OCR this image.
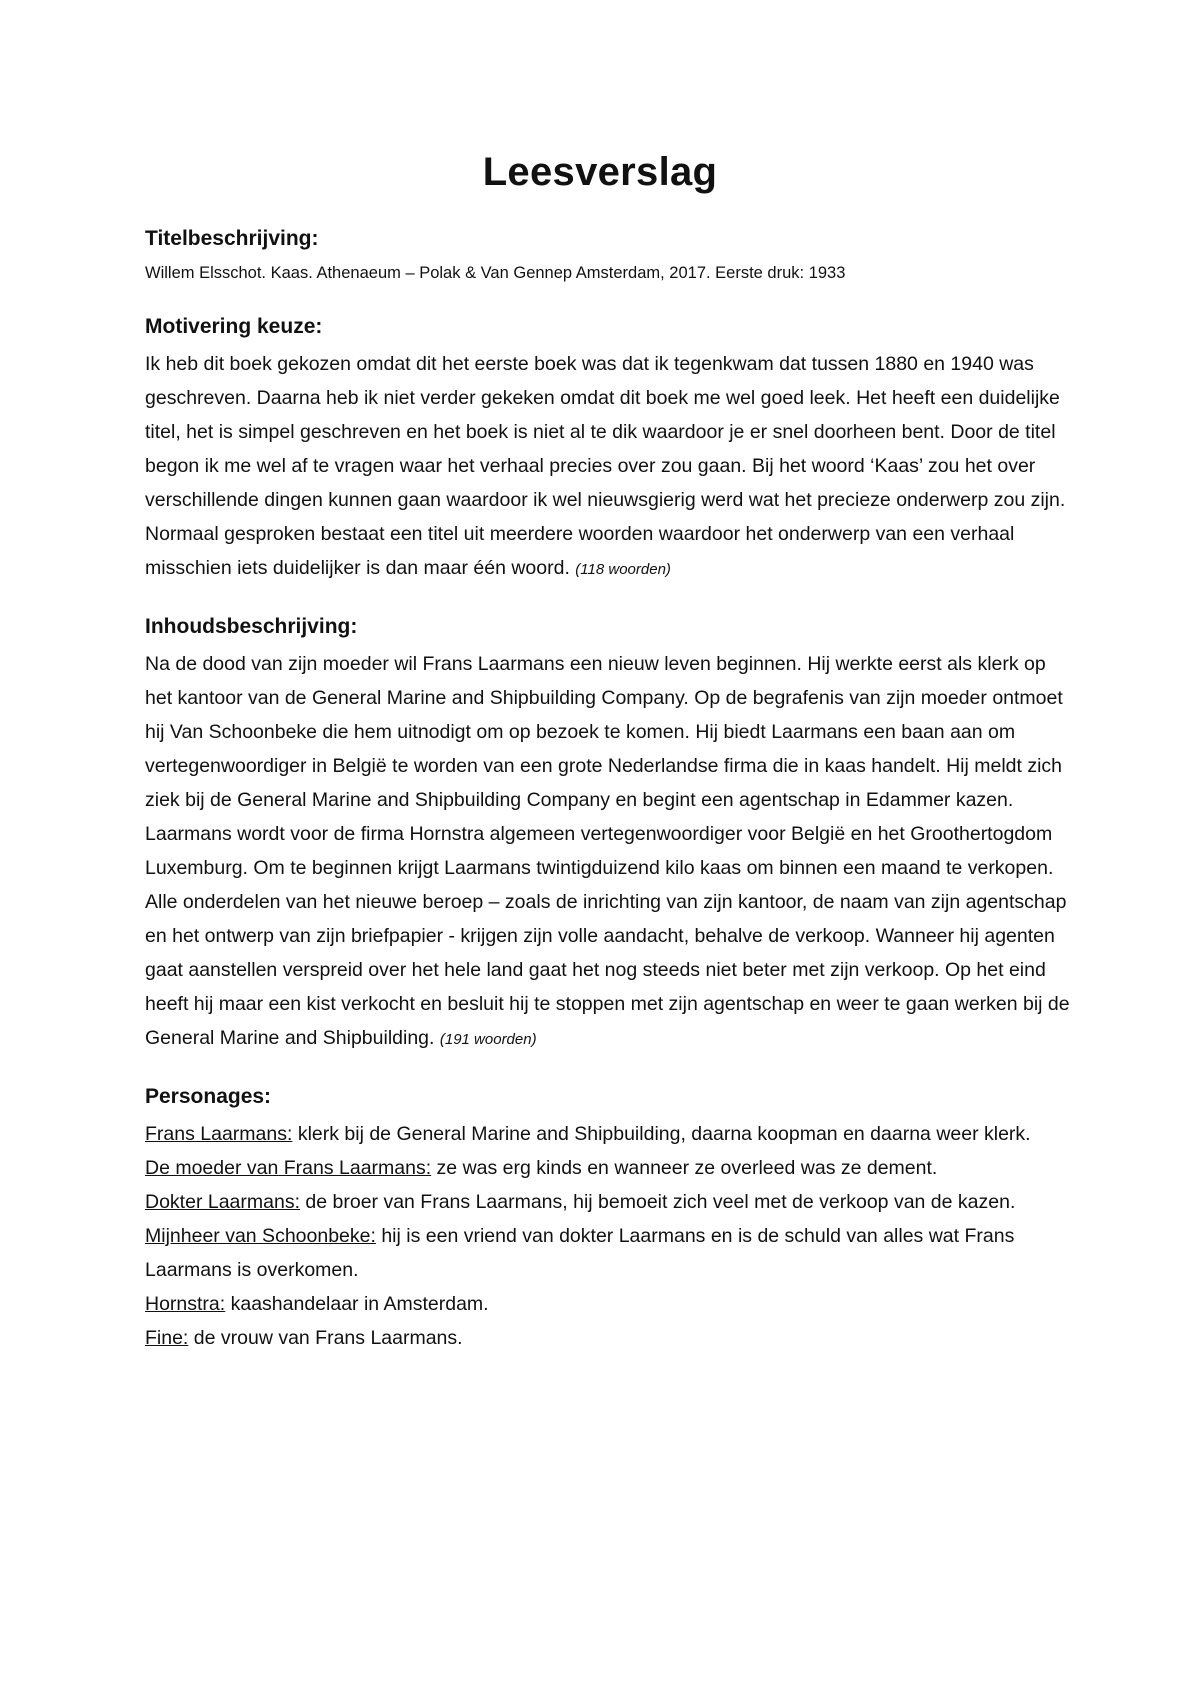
Leesverslag
Titelbeschrijving:

Willem Elsschot. Kaas. Athenaeum – Polak & Van Gennep Amsterdam, 2017. Eerste druk: 1933

Motivering keuze:

Ik heb dit boek gekozen omdat dit het eerste boek was dat ik tegenkwam dat tussen 1880 en 1940 was geschreven. Daarna heb ik niet verder gekeken omdat dit boek me wel goed leek. Het heeft een duidelijke titel, het is simpel geschreven en het boek is niet al te dik waardoor je er snel doorheen bent. Door de titel begon ik me wel af te vragen waar het verhaal precies over zou gaan. Bij het woord ‘Kaas’ zou het over verschillende dingen kunnen gaan waardoor ik wel nieuwsgierig werd wat het precieze onderwerp zou zijn. Normaal gesproken bestaat een titel uit meerdere woorden waardoor het onderwerp van een verhaal misschien iets duidelijker is dan maar één woord. (118 woorden)

Inhoudsbeschrijving:

Na de dood van zijn moeder wil Frans Laarmans een nieuw leven beginnen. Hij werkte eerst als klerk op het kantoor van de General Marine and Shipbuilding Company. Op de begrafenis van zijn moeder ontmoet hij Van Schoonbeke die hem uitnodigt om op bezoek te komen. Hij biedt Laarmans een baan aan om vertegenwoordiger in België te worden van een grote Nederlandse firma die in kaas handelt. Hij meldt zich ziek bij de General Marine and Shipbuilding Company en begint een agentschap in Edammer kazen. Laarmans wordt voor de firma Hornstra algemeen vertegenwoordiger voor België en het Groothertogdom Luxemburg. Om te beginnen krijgt Laarmans twintigduizend kilo kaas om binnen een maand te verkopen. Alle onderdelen van het nieuwe beroep – zoals de inrichting van zijn kantoor, de naam van zijn agentschap en het ontwerp van zijn briefpapier - krijgen zijn volle aandacht, behalve de verkoop. Wanneer hij agenten gaat aanstellen verspreid over het hele land gaat het nog steeds niet beter met zijn verkoop. Op het eind heeft hij maar een kist verkocht en besluit hij te stoppen met zijn agentschap en weer te gaan werken bij de General Marine and Shipbuilding. (191 woorden)

Personages:

Frans Laarmans: klerk bij de General Marine and Shipbuilding, daarna koopman en daarna weer klerk.

De moeder van Frans Laarmans: ze was erg kinds en wanneer ze overleed was ze dement.

Dokter Laarmans: de broer van Frans Laarmans, hij bemoeit zich veel met de verkoop van de kazen.

Mijnheer van Schoonbeke: hij is een vriend van dokter Laarmans en is de schuld van alles wat Frans Laarmans is overkomen.

Hornstra: kaashandelaar in Amsterdam.

Fine: de vrouw van Frans Laarmans.
